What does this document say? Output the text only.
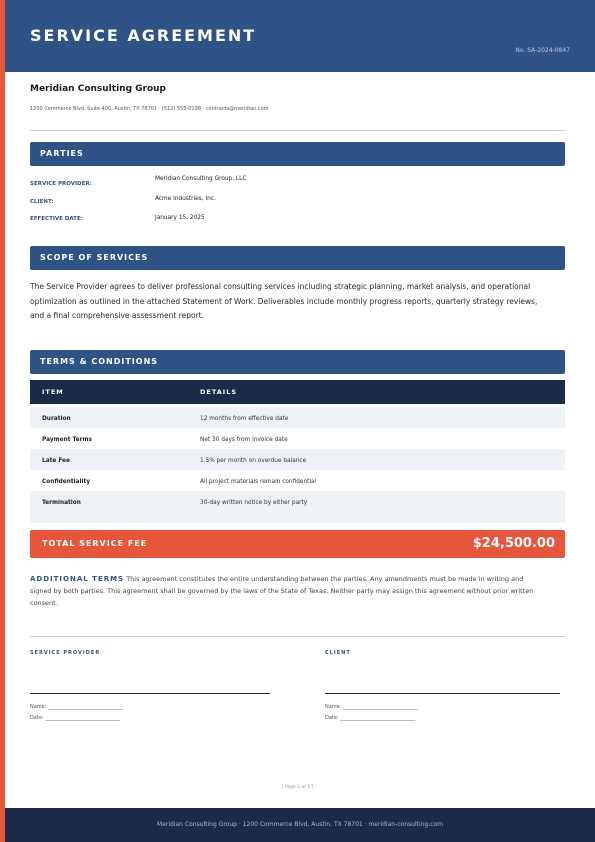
SERVICE AGREEMENT
No. SA-2024-0847
Meridian Consulting Group
1200 Commerce Blvd, Suite 400, Austin, TX 78701 · (512) 555-0198 · contracts@meridian.com
PARTIES
SERVICE PROVIDER:
Meridian Consulting Group, LLC
CLIENT:	Acme Industries, Inc.
EFFECTIVE DATE:	January 15, 2025
SCOPE OF SERVICES
The Service Provider agrees to deliver professional consulting services including strategic planning, market analysis, and operational optimization as outlined in the attached Statement of Work. Deliverables include monthly progress reports, quarterly strategy reviews, and a final comprehensive assessment report.
TERMS & CONDITIONS
ITEM	DETAILS
Duration	12 months from effective date
Payment Terms	Net 30 days from invoice date
Late Fee	1.5% per month on overdue balance
Confidentiality	All project materials remain confidential
Termination	30-day written notice by either party
TOTAL SERVICE FEE	$24,500.00
ADDITIONAL TERMS This agreement constitutes the entire understanding between the parties. Any amendments must be made in writing and signed by both parties. This agreement shall be governed by the laws of the State of Texas. Neither party may assign this agreement without prior written consent.
SERVICE PROVIDER
Name: ______________________________
Date: ______________________________
CLIENT
Name: ______________________________
Date: ______________________________
[ Page 1 of 1 ]
Meridian Consulting Group · 1200 Commerce Blvd, Austin, TX 78701 · meridian-consulting.com
